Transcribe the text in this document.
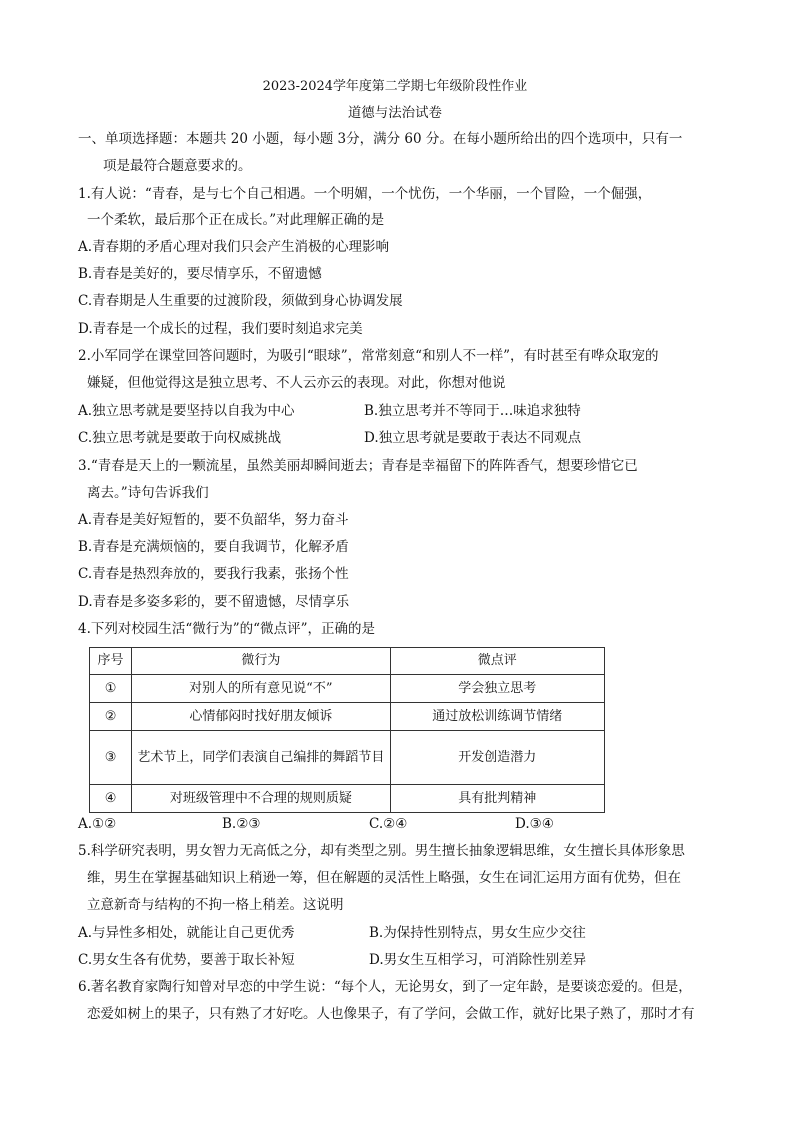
2023-2024学年度第二学期七年级阶段性作业
道德与法治试卷
一、单项选择题：本题共 20 小题，每小题 3分，满分 60 分。在每小题所给出的四个选项中，只有一
项是最符合题意要求的。
1.有人说：“青春，是与七个自己相遇。一个明媚，一个忧伤，一个华丽，一个冒险，一个倔强，
一个柔软，最后那个正在成长。”对此理解正确的是
A.青春期的矛盾心理对我们只会产生消极的心理影响
B.青春是美好的，要尽情享乐，不留遗憾
C.青春期是人生重要的过渡阶段，须做到身心协调发展
D.青春是一个成长的过程，我们要时刻追求完美
2.小军同学在课堂回答问题时，为吸引“眼球”，常常刻意“和别人不一样”，有时甚至有哗众取宠的
嫌疑，但他觉得这是独立思考、不人云亦云的表现。对此，你想对他说
A.独立思考就是要坚持以自我为中心	B.独立思考并不等同于…味追求独特
C.独立思考就是要敢于向权威挑战	D.独立思考就是要敢于表达不同观点
3.“青春是天上的一颗流星，虽然美丽却瞬间逝去；青春是幸福留下的阵阵香气，想要珍惜它已
离去。”诗句告诉我们
A.青春是美好短暂的，要不负韶华，努力奋斗
B.青春是充满烦恼的，要自我调节，化解矛盾
C.青春是热烈奔放的，要我行我素，张扬个性
D.青春是多姿多彩的，要不留遗憾，尽情享乐
4.下列对校园生活“微行为”的“微点评”，正确的是
序号	微行为	微点评
①	对别人的所有意见说“不”	学会独立思考
②	心情郁闷时找好朋友倾诉	通过放松训练调节情绪
③	艺术节上，同学们表演自己编排的舞蹈节目	开发创造潜力
④	对班级管理中不合理的规则质疑	具有批判精神
A.①②	B.②③	C.②④	D.③④
5.科学研究表明，男女智力无高低之分，却有类型之别。男生擅长抽象逻辑思维，女生擅长具体形象思
维，男生在掌握基础知识上稍逊一筹，但在解题的灵活性上略强，女生在词汇运用方面有优势，但在
立意新奇与结构的不拘一格上稍差。这说明
A.与异性多相处，就能让自己更优秀	B.为保持性别特点，男女生应少交往
C.男女生各有优势，要善于取长补短	D.男女生互相学习，可消除性别差异
6.著名教育家陶行知曾对早恋的中学生说：“每个人，无论男女，到了一定年龄，是要谈恋爱的。但是，
恋爱如树上的果子，只有熟了才好吃。人也像果子，有了学问，会做工作，就好比果子熟了，那时才有
